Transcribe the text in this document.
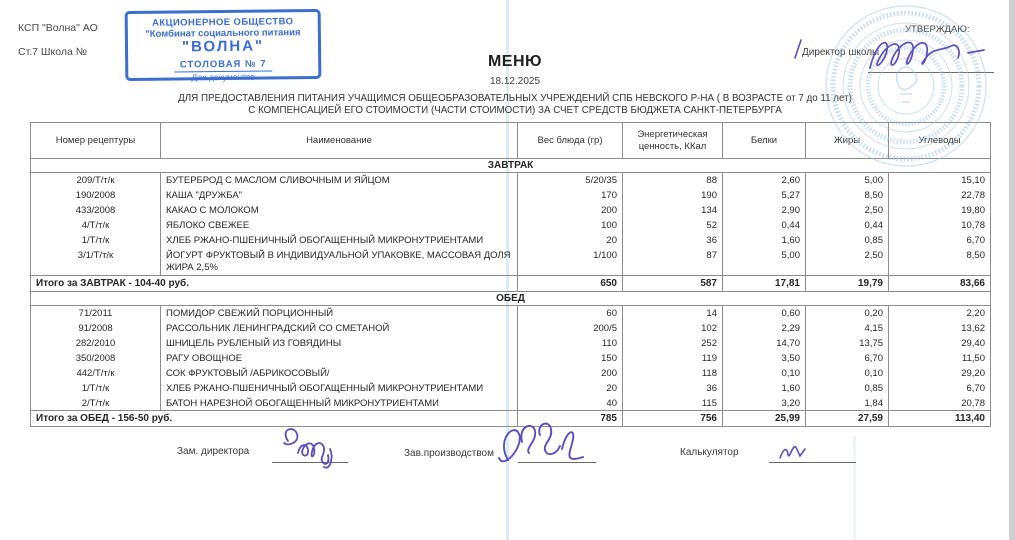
КСП "Волна" АО
Ст.7 Школа №
АКЦИОНЕРНОЕ ОБЩЕСТВО
"Комбинат социального питания
"ВОЛНА"
СТОЛОВАЯ № 7
Для документов
УТВЕРЖДАЮ:
Директор школы
МЕНЮ
18.12.2025
ДЛЯ ПРЕДОСТАВЛЕНИЯ ПИТАНИЯ УЧАЩИМСЯ ОБЩЕОБРАЗОВАТЕЛЬНЫХ УЧРЕЖДЕНИЙ СПБ НЕВСКОГО Р-НА ( В ВОЗРАСТЕ от 7 до 11 лет)
С КОМПЕНСАЦИЕЙ ЕГО СТОИМОСТИ (ЧАСТИ СТОИМОСТИ) ЗА СЧЕТ СРЕДСТВ БЮДЖЕТА САНКТ-ПЕТЕРБУРГА
Номер рецептуры	Наименование	Вес блюда (гр)	Энергетическая ценность, ККал	Белки	Жиры	Углеводы
ЗАВТРАК						
209/Т/т/к	БУТЕРБРОД С МАСЛОМ СЛИВОЧНЫМ И ЯЙЦОМ	5/20/35	88	2,60	5,00	15,10
190/2008	КАША "ДРУЖБА"	170	190	5,27	8,50	22,78
433/2008	КАКАО С МОЛОКОМ	200	134	2,90	2,50	19,80
4/Т/т/к	ЯБЛОКО СВЕЖЕЕ	100	52	0,44	0,44	10,78
1/Т/т/к	ХЛЕБ РЖАНО-ПШЕНИЧНЫЙ ОБОГАЩЕННЫЙ МИКРОНУТРИЕНТАМИ	20	36	1,60	0,85	6,70
3/1/Т/т/к	ЙОГУРТ ФРУКТОВЫЙ В ИНДИВИДУАЛЬНОЙ УПАКОВКЕ, МАССОВАЯ ДОЛЯ ЖИРА 2,5%	1/100	87	5,00	2,50	8,50
Итого за ЗАВТРАК - 104-40 руб.		650	587	17,81	19,79	83,66
ОБЕД						
71/2011	ПОМИДОР СВЕЖИЙ ПОРЦИОННЫЙ	60	14	0,60	0,20	2,20
91/2008	РАССОЛЬНИК ЛЕНИНГРАДСКИЙ СО СМЕТАНОЙ	200/5	102	2,29	4,15	13,62
282/2010	ШНИЦЕЛЬ РУБЛЕНЫЙ ИЗ ГОВЯДИНЫ	110	252	14,70	13,75	29,40
350/2008	РАГУ ОВОЩНОЕ	150	119	3,50	6,70	11,50
442/Т/т/к	СОК ФРУКТОВЫЙ /АБРИКОСОВЫЙ/	200	118	0,10	0,10	29,20
1/Т/т/к	ХЛЕБ РЖАНО-ПШЕНИЧНЫЙ ОБОГАЩЕННЫЙ МИКРОНУТРИЕНТАМИ	20	36	1,60	0,85	6,70
2/Т/т/к	БАТОН НАРЕЗНОЙ ОБОГАЩЕННЫЙ МИКРОНУТРИЕНТАМИ	40	115	3,20	1,84	20,78
Итого за ОБЕД - 156-50 руб.		785	756	25,99	27,59	113,40
Зам. директора	Зав.производством	Калькулятор
